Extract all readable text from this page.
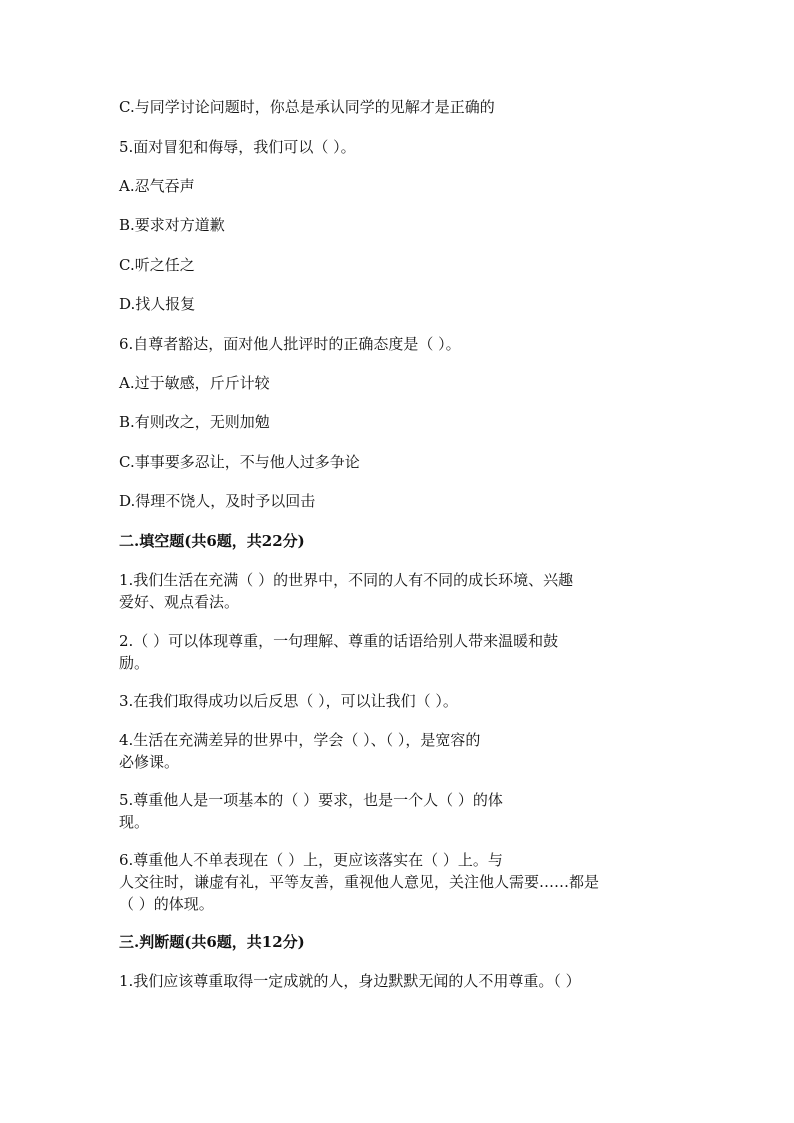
C.与同学讨论问题时，你总是承认同学的见解才是正确的
5.面对冒犯和侮辱，我们可以（ ）。
A.忍气吞声
B.要求对方道歉
C.听之任之
D.找人报复
6.自尊者豁达，面对他人批评时的正确态度是（ ）。
A.过于敏感，斤斤计较
B.有则改之，无则加勉
C.事事要多忍让，不与他人过多争论
D.得理不饶人，及时予以回击
二.填空题(共6题，共22分)
1.我们生活在充满（ ）的世界中，不同的人有不同的成长环境、兴趣
爱好、观点看法。
2.（ ）可以体现尊重，一句理解、尊重的话语给别人带来温暖和鼓
励。
3.在我们取得成功以后反思（ ），可以让我们（ ）。
4.生活在充满差异的世界中，学会（ ）、（ ），是宽容的
必修课。
5.尊重他人是一项基本的（ ）要求，也是一个人（ ）的体
现。
6.尊重他人不单表现在（ ）上，更应该落实在（ ）上。与
人交往时，谦虚有礼，平等友善，重视他人意见，关注他人需要……都是
（ ）的体现。
三.判断题(共6题，共12分)
1.我们应该尊重取得一定成就的人，身边默默无闻的人不用尊重。（ ）
